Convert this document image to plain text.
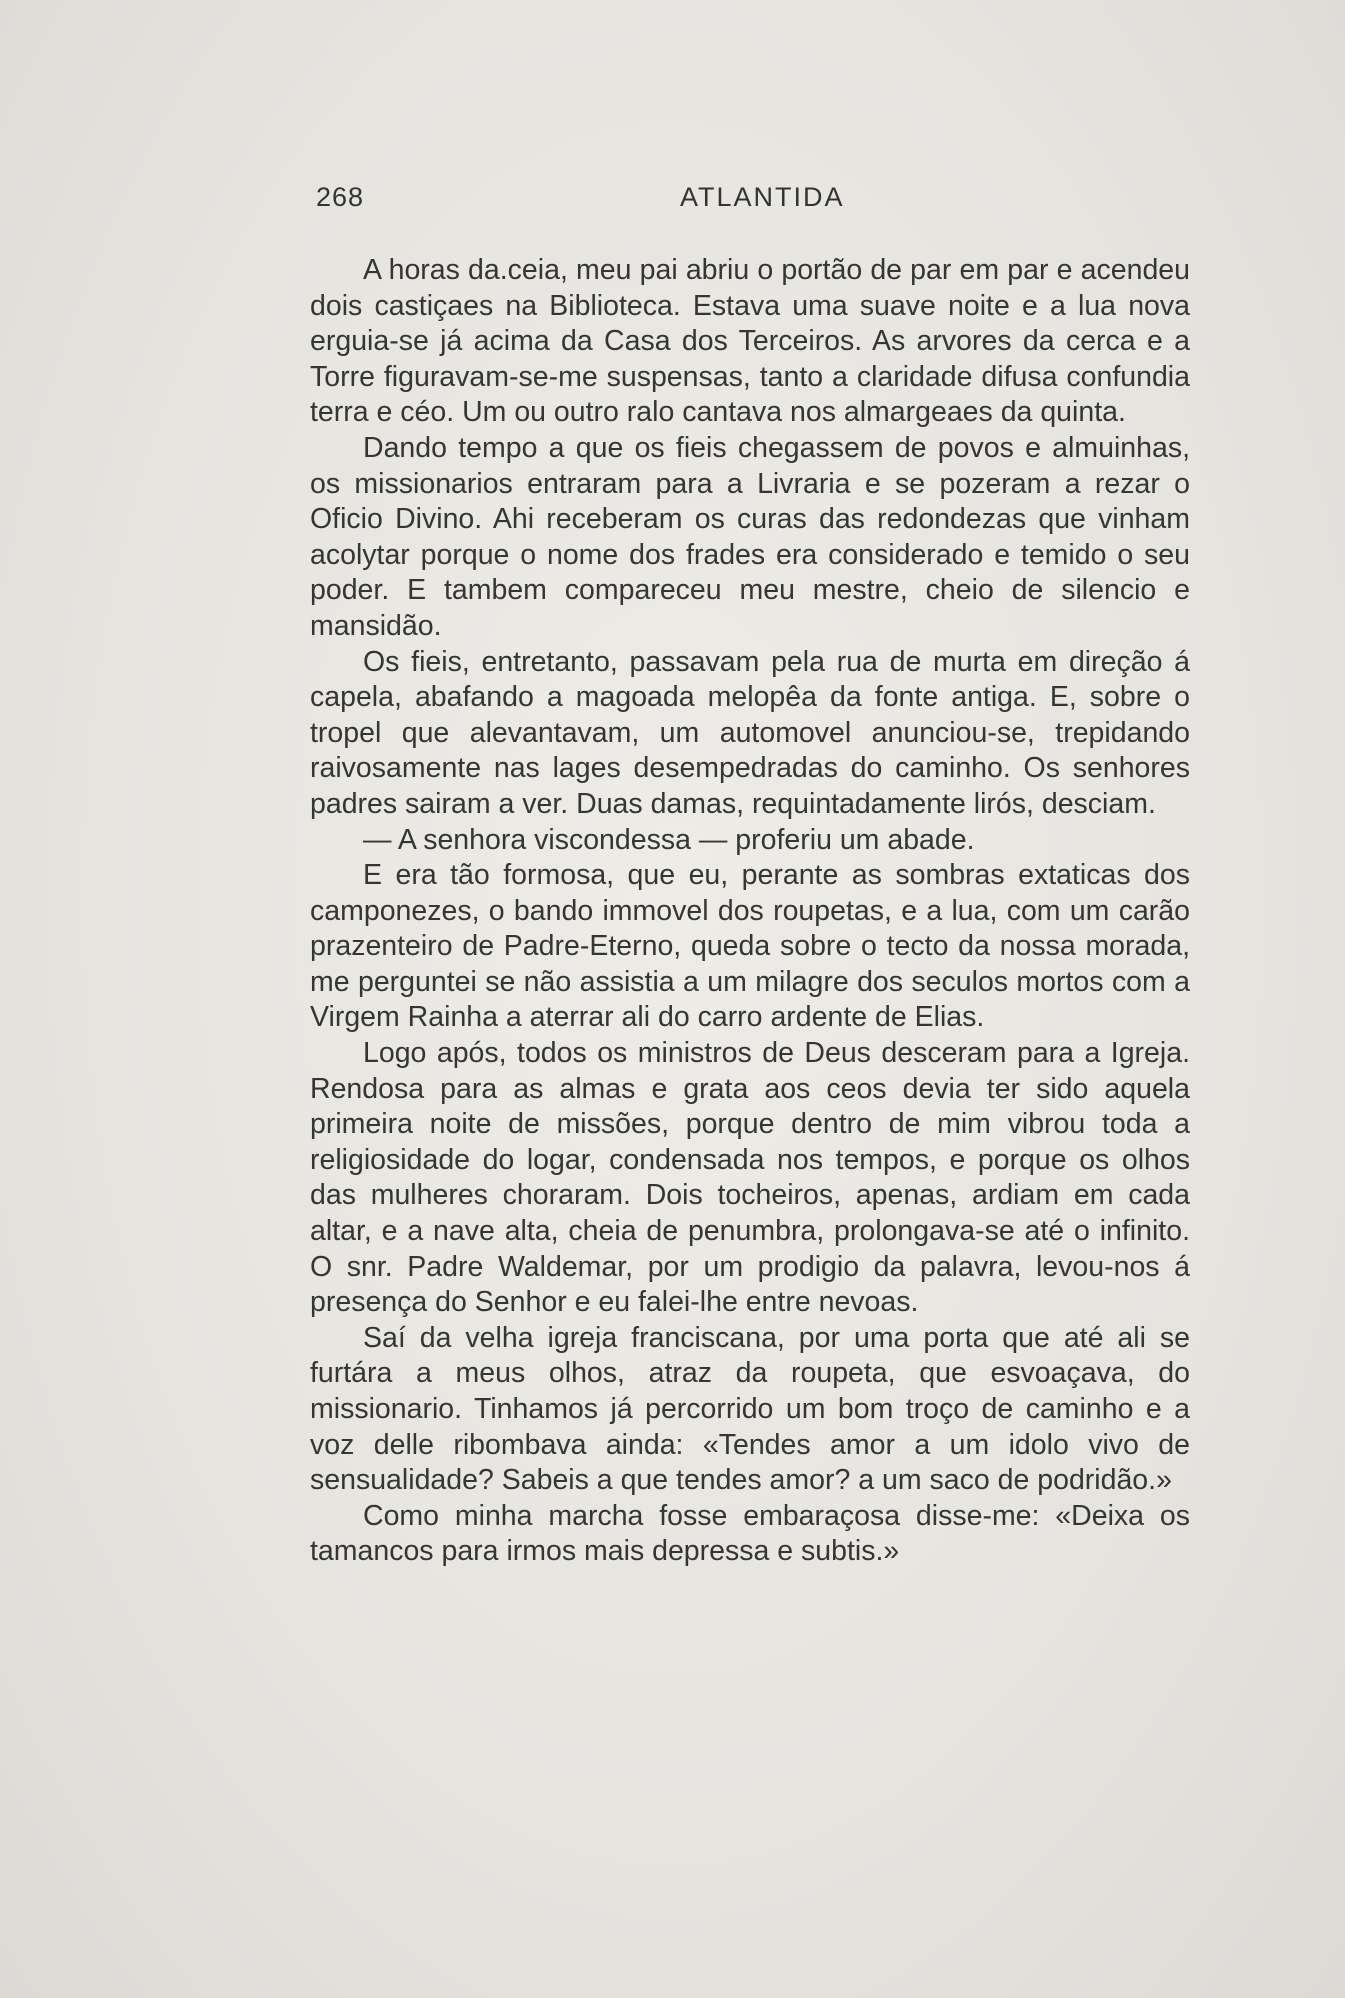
268	ATLANTIDA

A horas da.ceia, meu pai abriu o portão de par em par e acendeu dois castiçaes na Biblioteca. Estava uma suave noite e a lua nova erguia-se já acima da Casa dos Terceiros. As arvores da cerca e a Torre figuravam-se-me suspensas, tanto a claridade difusa confundia terra e céo. Um ou outro ralo cantava nos almargeaes da quinta.

Dando tempo a que os fieis chegassem de povos e almuinhas, os missionarios entraram para a Livraria e se pozeram a rezar o Oficio Divino. Ahi receberam os curas das redondezas que vinham acolytar porque o nome dos frades era considerado e temido o seu poder. E tambem compareceu meu mestre, cheio de silencio e mansidão.

Os fieis, entretanto, passavam pela rua de murta em direção á capela, abafando a magoada melopêa da fonte antiga. E, sobre o tropel que alevantavam, um automovel anunciou-se, trepidando raivosamente nas lages desempedradas do caminho. Os senhores padres sairam a ver. Duas damas, requintadamente lirós, desciam.

— A senhora viscondessa — proferiu um abade.

E era tão formosa, que eu, perante as sombras extaticas dos camponezes, o bando immovel dos roupetas, e a lua, com um carão prazenteiro de Padre-Eterno, queda sobre o tecto da nossa morada, me perguntei se não assistia a um milagre dos seculos mortos com a Virgem Rainha a aterrar ali do carro ardente de Elias.

Logo após, todos os ministros de Deus desceram para a Igreja. Rendosa para as almas e grata aos ceos devia ter sido aquela primeira noite de missões, porque dentro de mim vibrou toda a religiosidade do logar, condensada nos tempos, e porque os olhos das mulheres choraram. Dois tocheiros, apenas, ardiam em cada altar, e a nave alta, cheia de penumbra, prolongava-se até o infinito. O snr. Padre Waldemar, por um prodigio da palavra, levou-nos á presença do Senhor e eu falei-lhe entre nevoas.

Saí da velha igreja franciscana, por uma porta que até ali se furtára a meus olhos, atraz da roupeta, que esvoaçava, do missionario. Tinhamos já percorrido um bom troço de caminho e a voz delle ribombava ainda: «Tendes amor a um idolo vivo de sensualidade? Sabeis a que tendes amor? a um saco de podridão.»

Como minha marcha fosse embaraçosa disse-me: «Deixa os tamancos para irmos mais depressa e subtis.»
